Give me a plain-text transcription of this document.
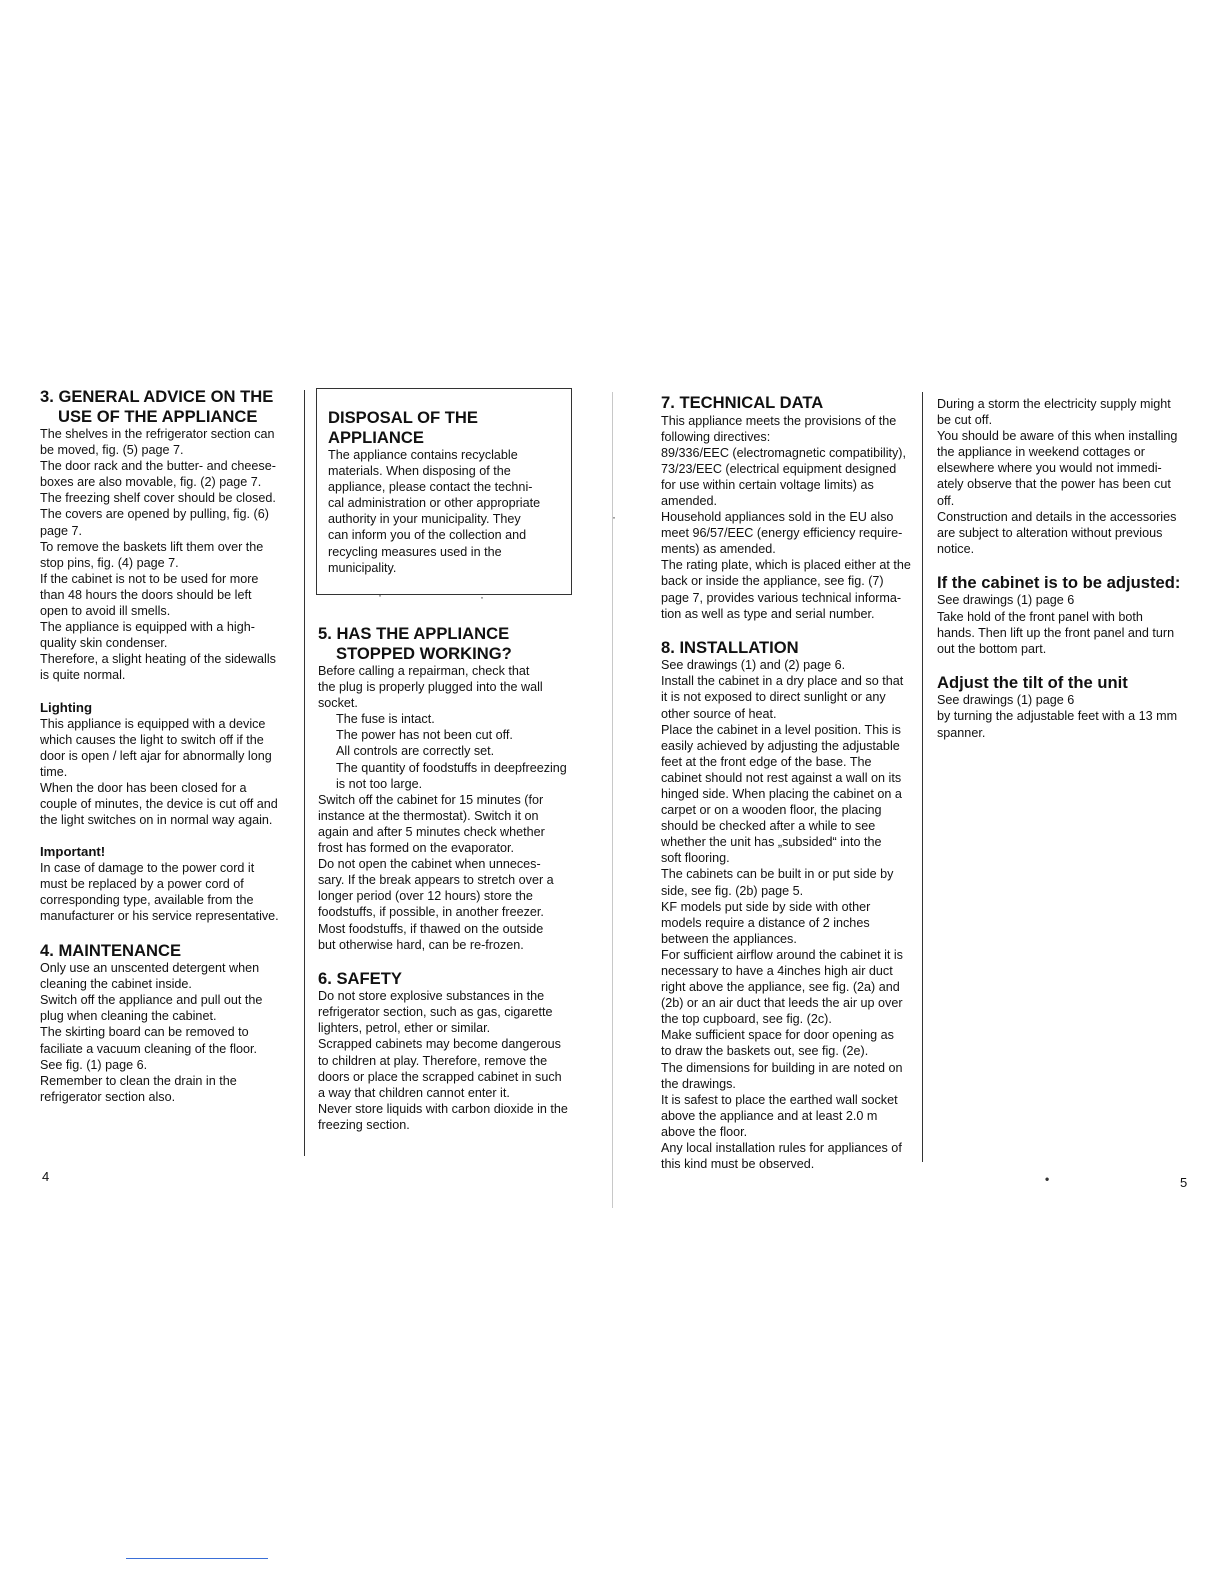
3. GENERAL ADVICE ON THE
USE OF THE APPLIANCE

The shelves in the refrigerator section can

be moved, fig. (5) page 7.

The door rack and the butter- and cheese-

boxes are also movable, fig. (2) page 7.

The freezing shelf cover should be closed.

The covers are opened by pulling, fig. (6)

page 7.

To remove the baskets lift them over the

stop pins, fig. (4) page 7.

If the cabinet is not to be used for more

than 48 hours the doors should be left

open to avoid ill smells.

The appliance is equipped with a high-

quality skin condenser.

Therefore, a slight heating of the sidewalls

is quite normal.

Lighting

This appliance is equipped with a device

which causes the light to switch off if the

door is open / left ajar for abnormally long

time.

When the door has been closed for a

couple of minutes, the device is cut off and

the light switches on in normal way again.

Important!

In case of damage to the power cord it

must be replaced by a power cord of

corresponding type, available from the

manufacturer or his service representative.

4. MAINTENANCE

Only use an unscented detergent when

cleaning the cabinet inside.

Switch off the appliance and pull out the

plug when cleaning the cabinet.

The skirting board can be removed to

faciliate a vacuum cleaning of the floor.

See fig. (1) page 6.

Remember to clean the drain in the

refrigerator section also.

DISPOSAL OF THE
APPLIANCE

The appliance contains recyclable

materials. When disposing of the

appliance, please contact the techni-

cal administration or other appropriate

authority in your municipality. They

can inform you of the collection and

recycling measures used in the

municipality.

5. HAS THE APPLIANCE
STOPPED WORKING?

Before calling a repairman, check that

the plug is properly plugged into the wall

socket.

The fuse is intact.

The power has not been cut off.

All controls are correctly set.

The quantity of foodstuffs in deepfreezing

is not too large.

Switch off the cabinet for 15 minutes (for

instance at the thermostat). Switch it on

again and after 5 minutes check whether

frost has formed on the evaporator.

Do not open the cabinet when unneces-

sary. If the break appears to stretch over a

longer period (over 12 hours) store the

foodstuffs, if possible, in another freezer.

Most foodstuffs, if thawed on the outside

but otherwise hard, can be re-frozen.

6. SAFETY

Do not store explosive substances in the

refrigerator section, such as gas, cigarette

lighters, petrol, ether or similar.

Scrapped cabinets may become dangerous

to children at play. Therefore, remove the

doors or place the scrapped cabinet in such

a way that children cannot enter it.

Never store liquids with carbon dioxide in the

freezing section.

4
7. TECHNICAL DATA

This appliance meets the provisions of the

following directives:

89/336/EEC (electromagnetic compatibility),

73/23/EEC (electrical equipment designed

for use within certain voltage limits) as

amended.

Household appliances sold in the EU also

meet 96/57/EEC (energy efficiency require-

ments) as amended.

The rating plate, which is placed either at the

back or inside the appliance, see fig. (7)

page 7, provides various technical informa-

tion as well as type and serial number.

8. INSTALLATION

See drawings (1) and (2) page 6.

Install the cabinet in a dry place and so that

it is not exposed to direct sunlight or any

other source of heat.

Place the cabinet in a level position. This is

easily achieved by adjusting the adjustable

feet at the front edge of the base. The

cabinet should not rest against a wall on its

hinged side. When placing the cabinet on a

carpet or on a wooden floor, the placing

should be checked after a while to see

whether the unit has „subsided“ into the

soft flooring.

The cabinets can be built in or put side by

side, see fig. (2b) page 5.

KF models put side by side with other

models require a distance of 2 inches

between the appliances.

For sufficient airflow around the cabinet it is

necessary to have a 4inches high air duct

right above the appliance, see fig. (2a) and

(2b) or an air duct that leeds the air up over

the top cupboard, see fig. (2c).

Make sufficient space for door opening as

to draw the baskets out, see fig. (2e).

The dimensions for building in are noted on

the drawings.

It is safest to place the earthed wall socket

above the appliance and at least 2.0 m

above the floor.

Any local installation rules for appliances of

this kind must be observed.

During a storm the electricity supply might

be cut off.

You should be aware of this when installing

the appliance in weekend cottages or

elsewhere where you would not immedi-

ately observe that the power has been cut

off.

Construction and details in the accessories

are subject to alteration without previous

notice.

If the cabinet is to be adjusted:

See drawings (1) page 6

Take hold of the front panel with both

hands. Then lift up the front panel and turn

out the bottom part.

Adjust the tilt of the unit

See drawings (1) page 6

by turning the adjustable feet with a 13 mm

spanner.

5
•
·	·
·
